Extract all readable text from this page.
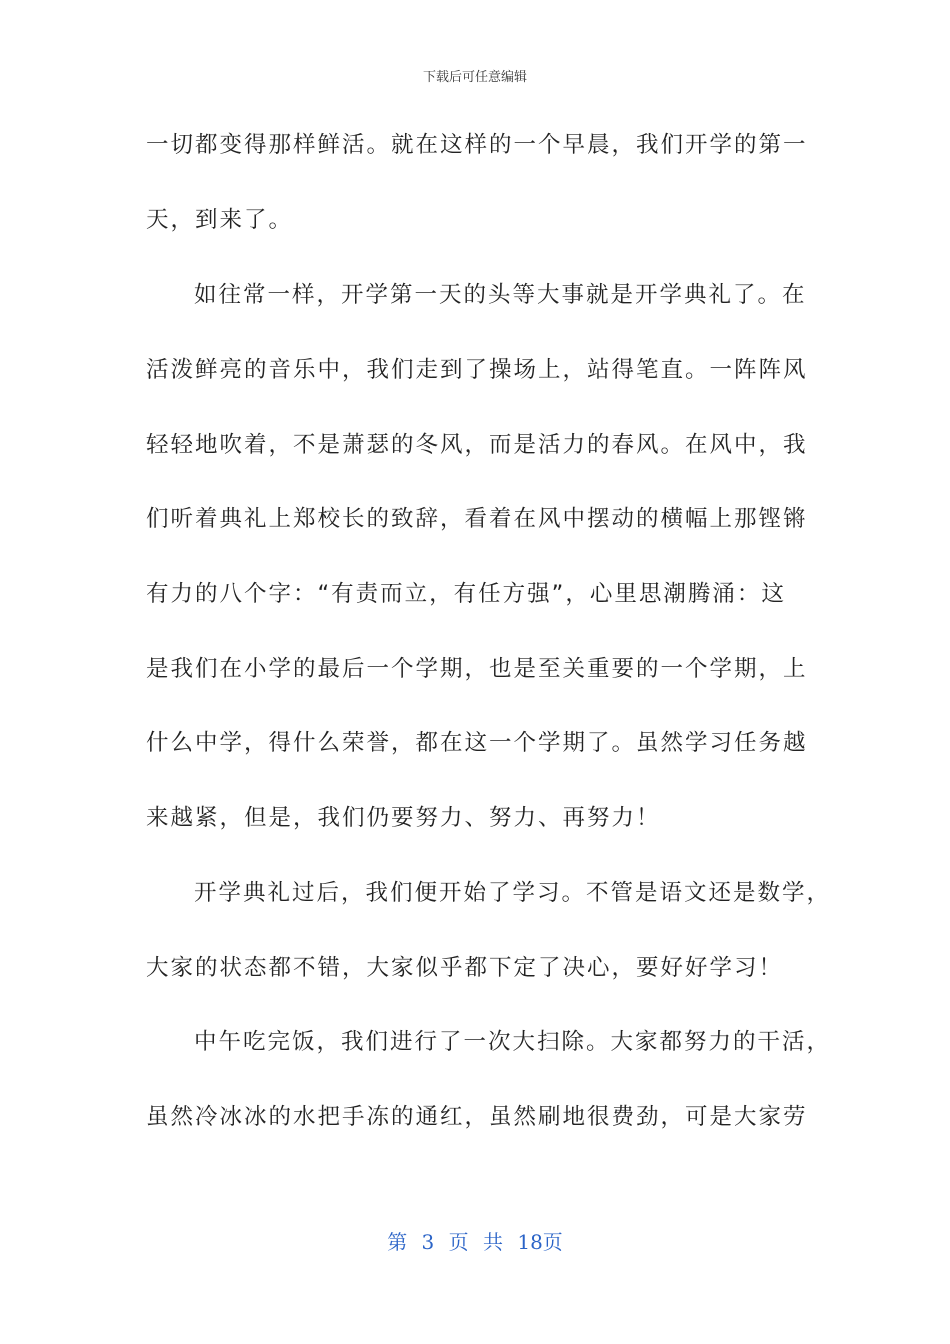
下载后可任意编辑
一切都变得那样鲜活。就在这样的一个早晨，我们开学的第一
天，到来了。
如往常一样，开学第一天的头等大事就是开学典礼了。在
活泼鲜亮的音乐中，我们走到了操场上，站得笔直。一阵阵风
轻轻地吹着，不是萧瑟的冬风，而是活力的春风。在风中，我
们听着典礼上郑校长的致辞，看着在风中摆动的横幅上那铿锵
有力的八个字：“有责而立，有任方强”，心里思潮腾涌：这
是我们在小学的最后一个学期，也是至关重要的一个学期，上
什么中学，得什么荣誉，都在这一个学期了。虽然学习任务越
来越紧，但是，我们仍要努力、努力、再努力！
开学典礼过后，我们便开始了学习。不管是语文还是数学，
大家的状态都不错，大家似乎都下定了决心，要好好学习！
中午吃完饭，我们进行了一次大扫除。大家都努力的干活，
虽然冷冰冰的水把手冻的通红，虽然刷地很费劲，可是大家劳
第 3 页 共 18页
